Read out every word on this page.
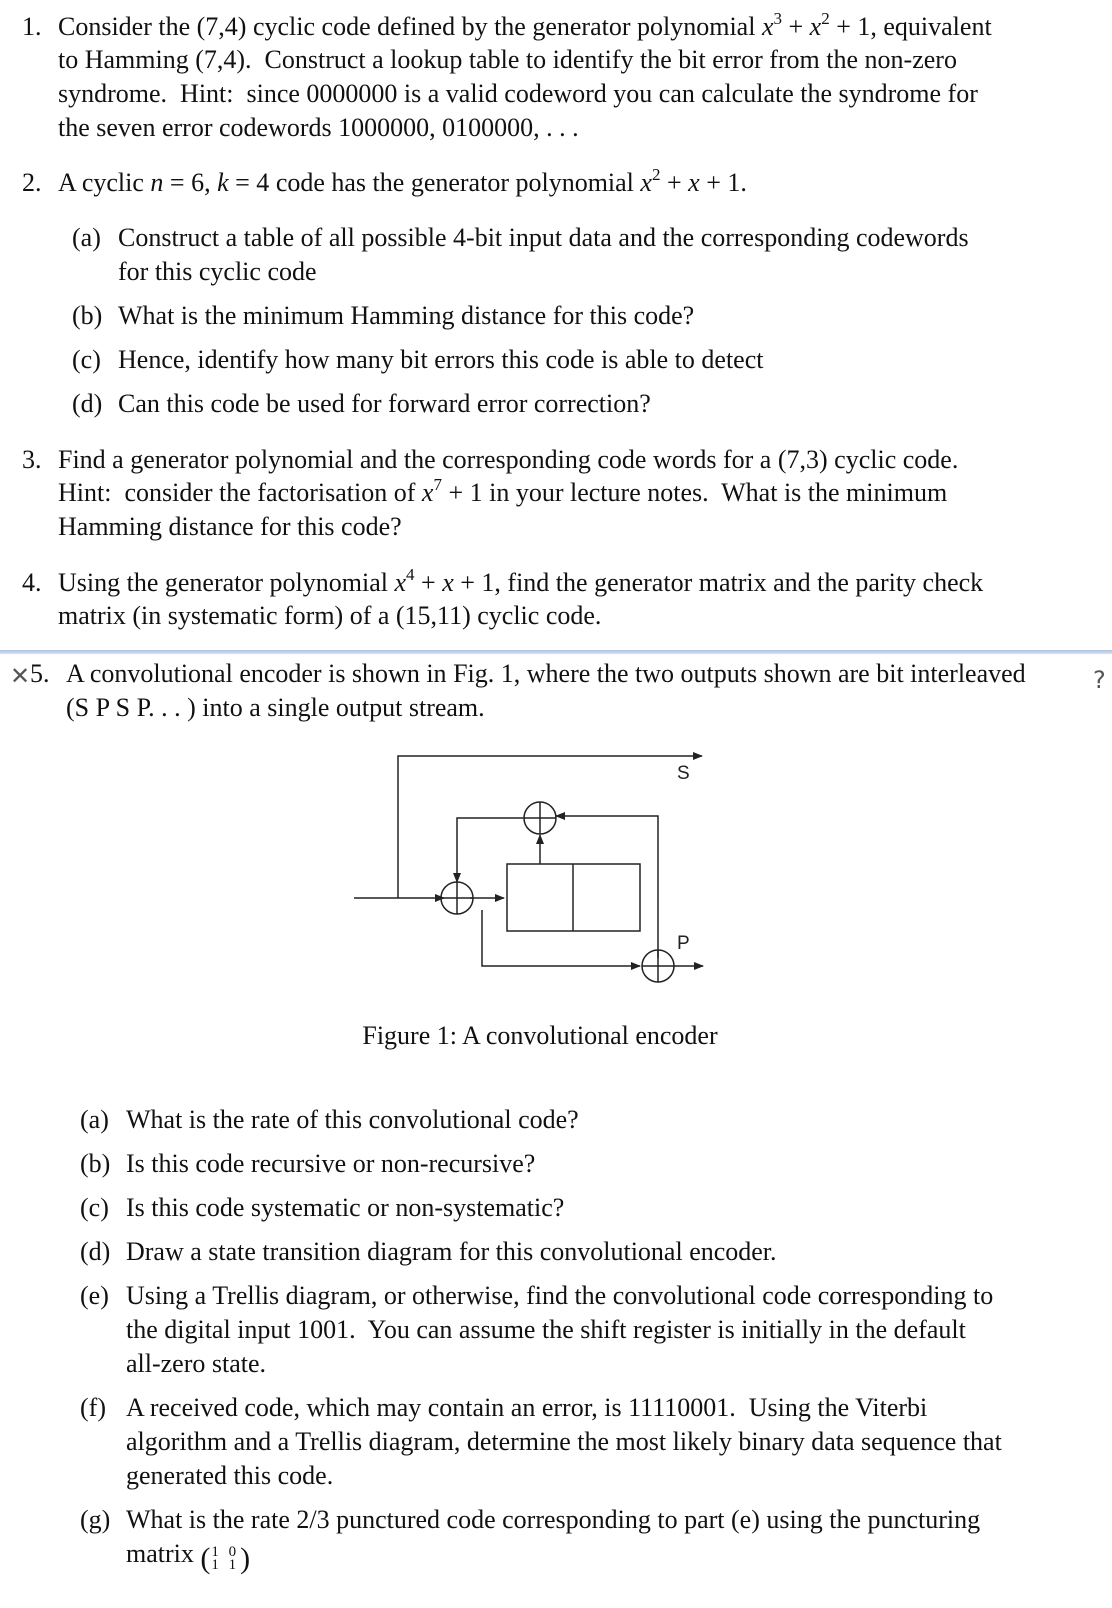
1. Consider the (7,4) cyclic code defined by the generator polynomial $x^3 + x^2 + 1$, equivalent
to Hamming (7,4).  Construct a lookup table to identify the bit error from the non-zero
syndrome.  Hint:  since 0000000 is a valid codeword you can calculate the syndrome for
the seven error codewords 1000000, 0100000, . . .
2. A cyclic n = 6, k = 4 code has the generator polynomial $x^2 + x + 1$.
(a) Construct a table of all possible 4-bit input data and the corresponding codewords
for this cyclic code
(b) What is the minimum Hamming distance for this code?
(c) Hence, identify how many bit errors this code is able to detect
(d) Can this code be used for forward error correction?
3. Find a generator polynomial and the corresponding code words for a (7,3) cyclic code.
Hint:  consider the factorisation of $x^7 + 1$ in your lecture notes.  What is the minimum
Hamming distance for this code?
4. Using the generator polynomial $x^4 + x + 1$, find the generator matrix and the parity check
matrix (in systematic form) of a (15,11) cyclic code.
✕	?
5. A convolutional encoder is shown in Fig. 1, where the two outputs shown are bit interleaved
(S P S P. . . ) into a single output stream.
S
P
Figure 1: A convolutional encoder
(a) What is the rate of this convolutional code?
(b) Is this code recursive or non-recursive?
(c) Is this code systematic or non-systematic?
(d) Draw a state transition diagram for this convolutional encoder.
(e) Using a Trellis diagram, or otherwise, find the convolutional code corresponding to
the digital input 1001.  You can assume the shift register is initially in the default
all-zero state.
(f) A received code, which may contain an error, is 11110001.  Using the Viterbi
algorithm and a Trellis diagram, determine the most likely binary data sequence that
generated this code.
(g) What is the rate 2/3 punctured code corresponding to part (e) using the puncturing
matrix ( 1 0
1 1 )
